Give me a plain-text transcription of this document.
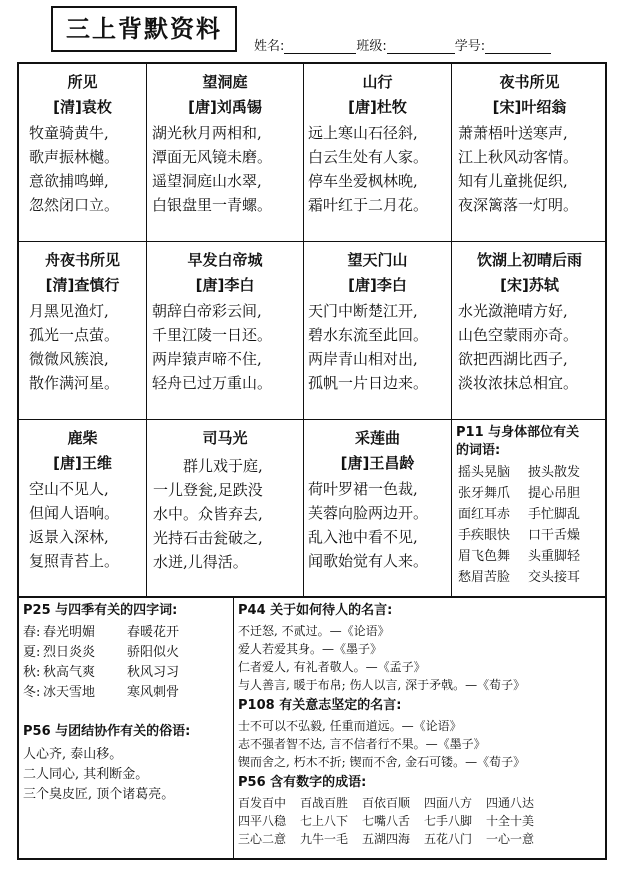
三上背默资料
姓名:	班级:	学号:
所见
[清]袁枚
牧童骑黄牛,
歌声振林樾。
意欲捕鸣蝉,
忽然闭口立。
望洞庭
[唐]刘禹锡
湖光秋月两相和,
潭面无风镜未磨。
遥望洞庭山水翠,
白银盘里一青螺。
山行
[唐]杜牧
远上寒山石径斜,
白云生处有人家。
停车坐爱枫林晚,
霜叶红于二月花。
夜书所见
[宋]叶绍翁
萧萧梧叶送寒声,
江上秋风动客情。
知有儿童挑促织,
夜深篱落一灯明。
舟夜书所见
[清]查慎行
月黑见渔灯,
孤光一点萤。
微微风簇浪,
散作满河星。
早发白帝城
[唐]李白
朝辞白帝彩云间,
千里江陵一日还。
两岸猿声啼不住,
轻舟已过万重山。
望天门山
[唐]李白
天门中断楚江开,
碧水东流至此回。
两岸青山相对出,
孤帆一片日边来。
饮湖上初晴后雨
[宋]苏轼
水光潋滟晴方好,
山色空蒙雨亦奇。
欲把西湖比西子,
淡妆浓抹总相宜。
鹿柴
[唐]王维
空山不见人,
但闻人语响。
返景入深林,
复照青苔上。
司马光
群儿戏于庭,
一儿登瓮,足跌没
水中。众皆弃去,
光持石击瓮破之,
水迸,儿得活。
采莲曲
[唐]王昌龄
荷叶罗裙一色裁,
芙蓉向脸两边开。
乱入池中看不见,
闻歌始觉有人来。
P11 与身体部位有关
的词语:
摇头晃脑 披头散发
张牙舞爪 提心吊胆
面红耳赤 手忙脚乱
手疾眼快 口干舌燥
眉飞色舞 头重脚轻
愁眉苦脸 交头接耳
P25 与四季有关的四字词:
春: 春光明媚 春暖花开
夏: 烈日炎炎 骄阳似火
秋: 秋高气爽 秋风习习
冬: 冰天雪地 寒风刺骨
P56 与团结协作有关的俗语:
人心齐, 泰山移。
二人同心, 其利断金。
三个臭皮匠, 顶个诸葛亮。
P44 关于如何待人的名言:
不迁怒, 不贰过。—《论语》
爱人若爱其身。—《墨子》
仁者爱人, 有礼者敬人。—《孟子》
与人善言, 暖于布帛; 伤人以言, 深于矛戟。—《荀子》
P108 有关意志坚定的名言:
士不可以不弘毅, 任重而道远。—《论语》
志不强者智不达, 言不信者行不果。—《墨子》
锲而舍之, 朽木不折; 锲而不舍, 金石可镂。—《荀子》
P56 含有数字的成语:
百发百中 百战百胜 百依百顺 四面八方 四通八达
四平八稳 七上八下 七嘴八舌 七手八脚 十全十美
三心二意 九牛一毛 五湖四海 五花八门 一心一意
